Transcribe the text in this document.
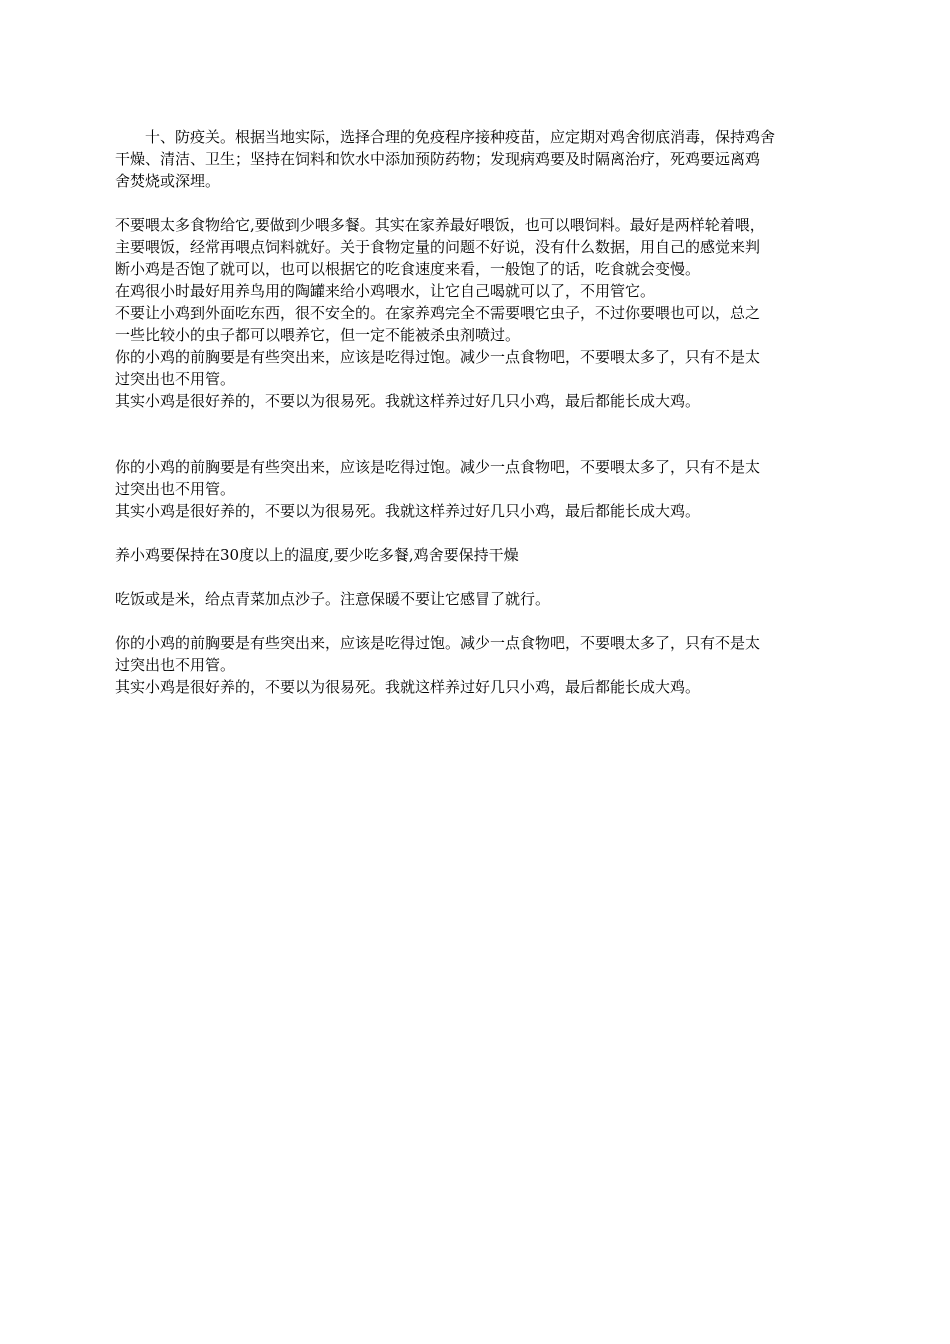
十、防疫关。根据当地实际，选择合理的免疫程序接种疫苗，应定期对鸡舍彻底消毒，保持鸡舍
干燥、清洁、卫生；坚持在饲料和饮水中添加预防药物；发现病鸡要及时隔离治疗，死鸡要远离鸡
舍焚烧或深埋。
不要喂太多食物给它,要做到少喂多餐。其实在家养最好喂饭，也可以喂饲料。最好是两样轮着喂，
主要喂饭，经常再喂点饲料就好。关于食物定量的问题不好说，没有什么数据，用自己的感觉来判
断小鸡是否饱了就可以，也可以根据它的吃食速度来看，一般饱了的话，吃食就会变慢。
在鸡很小时最好用养鸟用的陶罐来给小鸡喂水，让它自己喝就可以了，不用管它。
不要让小鸡到外面吃东西，很不安全的。在家养鸡完全不需要喂它虫子，不过你要喂也可以，总之
一些比较小的虫子都可以喂养它，但一定不能被杀虫剂喷过。
你的小鸡的前胸要是有些突出来，应该是吃得过饱。减少一点食物吧，不要喂太多了，只有不是太
过突出也不用管。
其实小鸡是很好养的，不要以为很易死。我就这样养过好几只小鸡，最后都能长成大鸡。
你的小鸡的前胸要是有些突出来，应该是吃得过饱。减少一点食物吧，不要喂太多了，只有不是太
过突出也不用管。
其实小鸡是很好养的，不要以为很易死。我就这样养过好几只小鸡，最后都能长成大鸡。
养小鸡要保持在30度以上的温度,要少吃多餐,鸡舍要保持干燥
吃饭或是米，给点青菜加点沙子。注意保暖不要让它感冒了就行。
你的小鸡的前胸要是有些突出来，应该是吃得过饱。减少一点食物吧，不要喂太多了，只有不是太
过突出也不用管。
其实小鸡是很好养的，不要以为很易死。我就这样养过好几只小鸡，最后都能长成大鸡。
